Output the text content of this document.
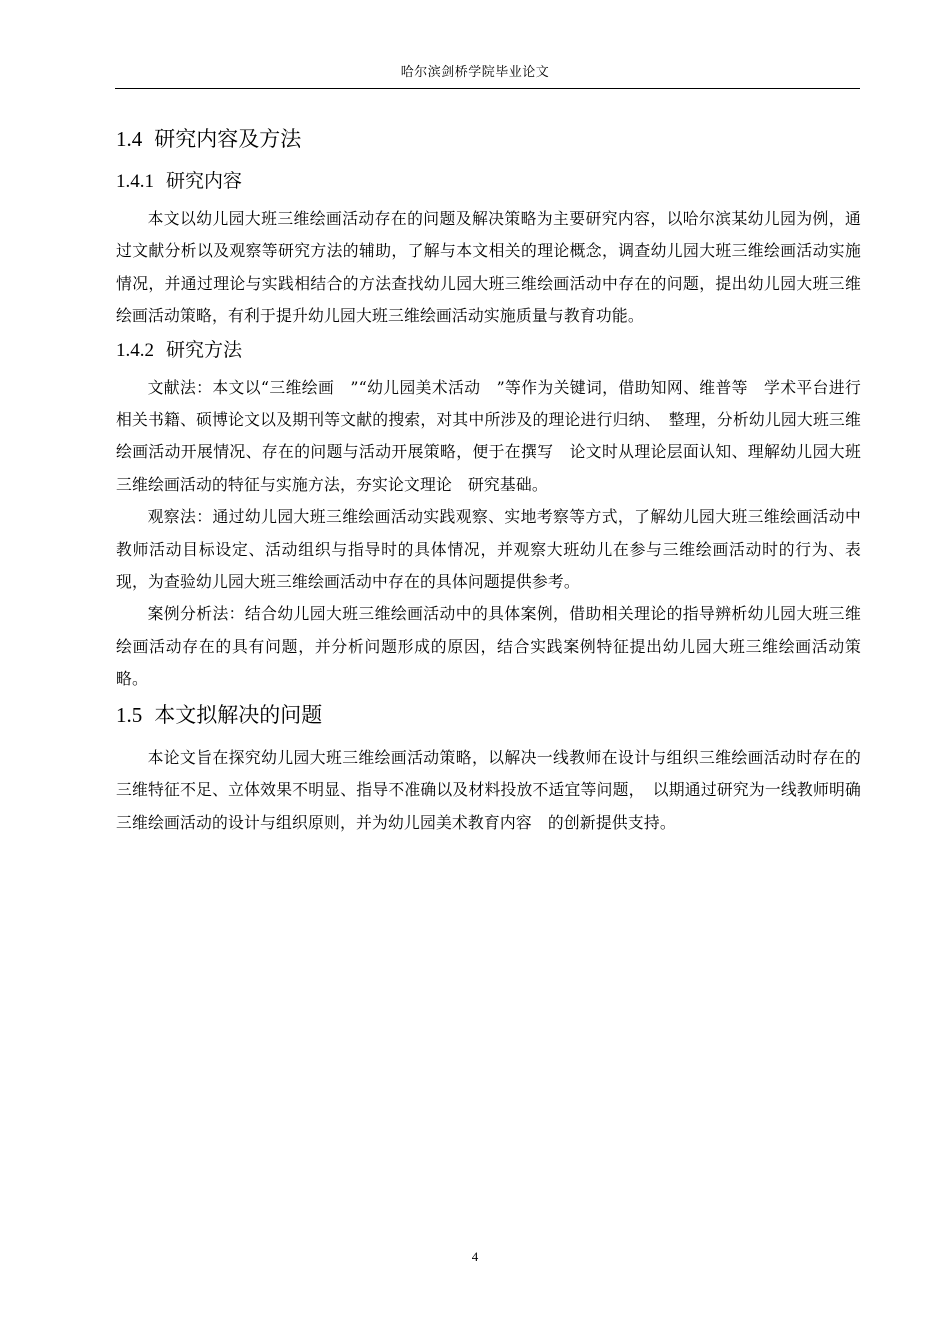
哈尔滨剑桥学院毕业论文
1.4 研究内容及方法
1.4.1 研究内容

本文以幼儿园大班三维绘画活动存在的问题及解决策略为主要研究内容，以哈尔滨某幼儿园为例，通过文献分析以及观察等研究方法的辅助，了解与本文相关的理论概念，调查幼儿园大班三维绘画活动实施情况，并通过理论与实践相结合的方法查找幼儿园大班三维绘画活动中存在的问题，提出幼儿园大班三维绘画活动策略，有利于提升幼儿园大班三维绘画活动实施质量与教育功能。

1.4.2 研究方法

文献法：本文以“三维绘画　”“幼儿园美术活动　”等作为关键词，借助知网、维普等　学术平台进行相关书籍、硕博论文以及期刊等文献的搜索，对其中所涉及的理论进行归纳、　整理，分析幼儿园大班三维绘画活动开展情况、存在的问题与活动开展策略，便于在撰写　论文时从理论层面认知、理解幼儿园大班三维绘画活动的特征与实施方法，夯实论文理论　研究基础。

观察法：通过幼儿园大班三维绘画活动实践观察、实地考察等方式，了解幼儿园大班三维绘画活动中教师活动目标设定、活动组织与指导时的具体情况，并观察大班幼儿在参与三维绘画活动时的行为、表现，为查验幼儿园大班三维绘画活动中存在的具体问题提供参考。

案例分析法：结合幼儿园大班三维绘画活动中的具体案例，借助相关理论的指导辨析幼儿园大班三维绘画活动存在的具有问题，并分析问题形成的原因，结合实践案例特征提出幼儿园大班三维绘画活动策略。

1.5 本文拟解决的问题

本论文旨在探究幼儿园大班三维绘画活动策略，以解决一线教师在设计与组织三维绘画活动时存在的三维特征不足、立体效果不明显、指导不准确以及材料投放不适宜等问题，　以期通过研究为一线教师明确三维绘画活动的设计与组织原则，并为幼儿园美术教育内容　的创新提供支持。

4
